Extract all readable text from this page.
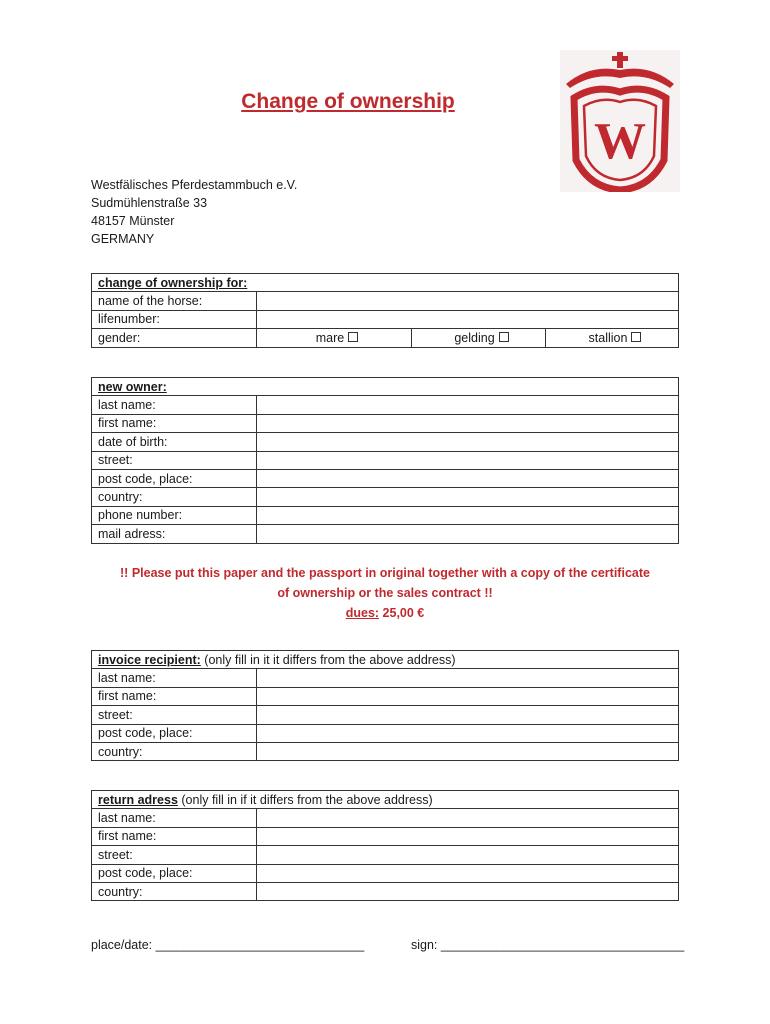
Change of ownership
W
Westfälisches Pferdestammbuch e.V.
Sudmühlenstraße 33
48157 Münster
GERMANY
change of ownership for:			
name of the horse:			
lifenumber:			
gender:	mare	gelding	stallion
new owner:	
last name:	
first name:	
date of birth:	
street:	
post code, place:	
country:	
phone number:	
mail adress:	
!! Please put this paper and the passport in original together with a copy of the certificate
of ownership or the sales contract !!
dues: 25,00 €
invoice recipient: (only fill in it it differs from the above address)	
last name:	
first name:	
street:	
post code, place:	
country:	
return adress (only fill in if it differs from the above address)	
last name:	
first name:	
street:	
post code, place:	
country:	
place/date: ______________________________	sign: ___________________________________
